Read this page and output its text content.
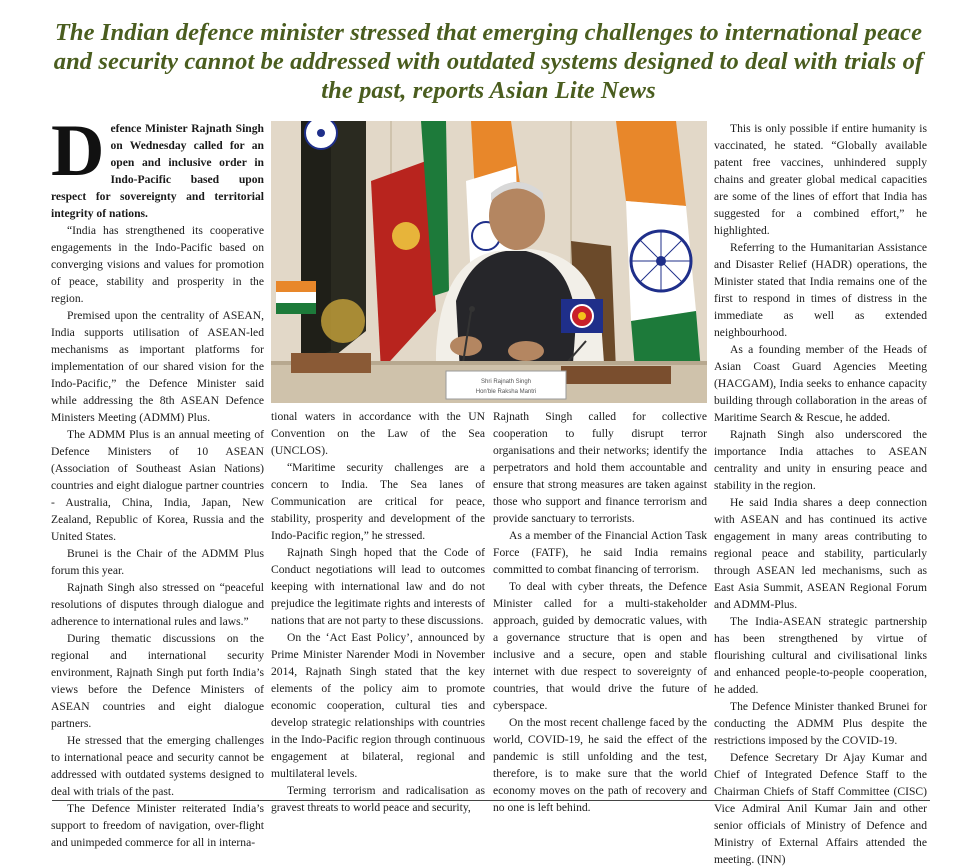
The Indian defence minister stressed that emerging challenges to international peace and security cannot be addressed with outdated systems designed to deal with trials of the past, reports Asian Lite News
D efence Minister Rajnath Singh on Wednesday called for an open and inclusive order in Indo-Pacific based upon respect for sovereignty and territorial integrity of nations.

“India has strengthened its cooperative engagements in the Indo-Pacific based on converging visions and values for promotion of peace, stability and prosperity in the region.

Premised upon the centrality of ASEAN, India supports utilisation of ASEAN-led mechanisms as important platforms for implementation of our shared vision for the Indo-Pacific,” the Defence Minister said while addressing the 8th ASEAN Defence Ministers Meeting (ADMM) Plus.

The ADMM Plus is an annual meeting of Defence Ministers of 10 ASEAN (Association of Southeast Asian Nations) countries and eight dialogue partner countries - Australia, China, India, Japan, New Zealand, Republic of Korea, Russia and the United States.

Brunei is the Chair of the ADMM Plus forum this year.

Rajnath Singh also stressed on “peaceful resolutions of disputes through dialogue and adherence to international rules and laws.”

During thematic discussions on the regional and international security environment, Rajnath Singh put forth India’s views before the Defence Ministers of ASEAN countries and eight dialogue partners.

He stressed that the emerging challenges to international peace and security cannot be addressed with outdated systems designed to deal with trials of the past.

The Defence Minister reiterated India’s support to freedom of navigation, over-flight and unimpeded commerce for all in interna-

Shri Rajnath Singh
Hon'ble Raksha Mantri

tional waters in accordance with the UN Convention on the Law of the Sea (UNCLOS).

“Maritime security challenges are a concern to India. The Sea lanes of Communication are critical for peace, stability, prosperity and development of the Indo-Pacific region,” he stressed.

Rajnath Singh hoped that the Code of Conduct negotiations will lead to outcomes keeping with international law and do not prejudice the legitimate rights and interests of nations that are not party to these discussions.

On the ‘Act East Policy’, announced by Prime Minister Narender Modi in November 2014, Rajnath Singh stated that the key elements of the policy aim to promote economic cooperation, cultural ties and develop strategic relationships with countries in the Indo-Pacific region through continuous engagement at bilateral, regional and multilateral levels.

Terming terrorism and radicalisation as gravest threats to world peace and security,

Rajnath Singh called for collective cooperation to fully disrupt terror organisations and their networks; identify the perpetrators and hold them accountable and ensure that strong measures are taken against those who support and finance terrorism and provide sanctuary to terrorists.

As a member of the Financial Action Task Force (FATF), he said India remains committed to combat financing of terrorism.

To deal with cyber threats, the Defence Minister called for a multi-stakeholder approach, guided by democratic values, with a governance structure that is open and inclusive and a secure, open and stable internet with due respect to sovereignty of countries, that would drive the future of cyberspace.

On the most recent challenge faced by the world, COVID-19, he said the effect of the pandemic is still unfolding and the test, therefore, is to make sure that the world economy moves on the path of recovery and no one is left behind.

This is only possible if entire humanity is vaccinated, he stated. “Globally available patent free vaccines, unhindered supply chains and greater global medical capacities are some of the lines of effort that India has suggested for a combined effort,” he highlighted.

Referring to the Humanitarian Assistance and Disaster Relief (HADR) operations, the Minister stated that India remains one of the first to respond in times of distress in the immediate as well as extended neighbourhood.

As a founding member of the Heads of Asian Coast Guard Agencies Meeting (HACGAM), India seeks to enhance capacity building through collaboration in the areas of Maritime Search & Rescue, he added.

Rajnath Singh also underscored the importance India attaches to ASEAN centrality and unity in ensuring peace and stability in the region.

He said India shares a deep connection with ASEAN and has continued its active engagement in many areas contributing to regional peace and stability, particularly through ASEAN led mechanisms, such as East Asia Summit, ASEAN Regional Forum and ADMM-Plus.

The India-ASEAN strategic partnership has been strengthened by virtue of flourishing cultural and civilisational links and enhanced people-to-people cooperation, he added.

The Defence Minister thanked Brunei for conducting the ADMM Plus despite the restrictions imposed by the COVID-19.

Defence Secretary Dr Ajay Kumar and Chief of Integrated Defence Staff to the Chairman Chiefs of Staff Committee (CISC) Vice Admiral Anil Kumar Jain and other senior officials of Ministry of Defence and Ministry of External Affairs attended the meeting. (INN)
